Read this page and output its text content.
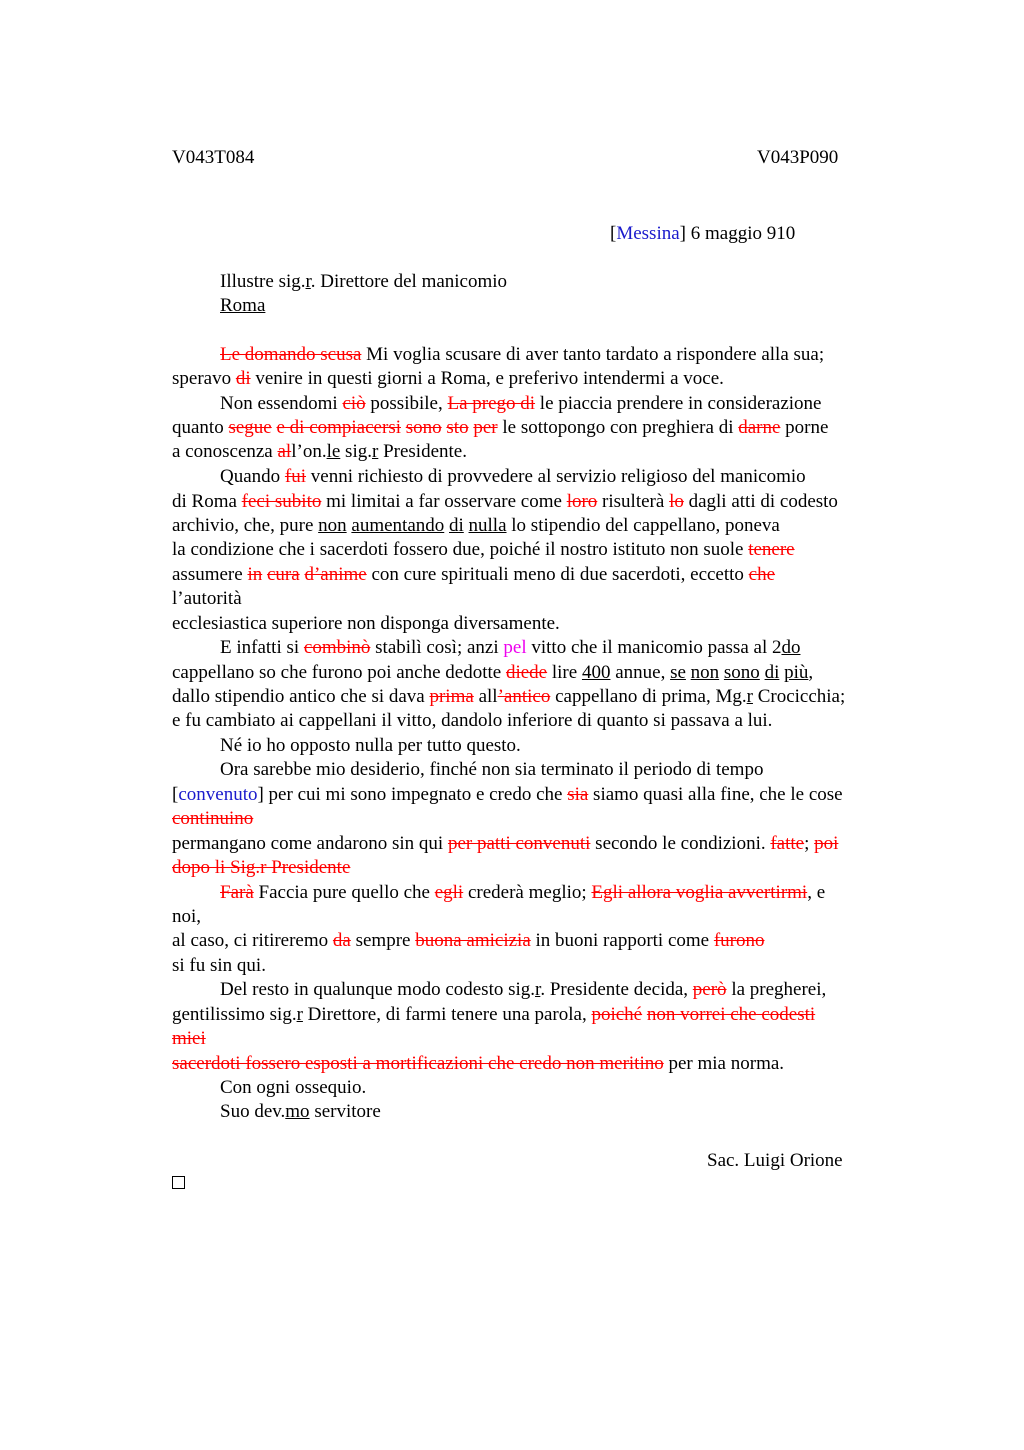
V043T084	V043P090
[Messina] 6 maggio 910
Illustre sig.r. Direttore del manicomio
Roma
Le domando scusa Mi voglia scusare di aver tanto tardato a rispondere alla sua;
speravo di venire in questi giorni a Roma, e preferivo intendermi a voce.
Non essendomi ciò possibile, La prego di le piaccia prendere in considerazione
quanto segue e di compiacersi sono sto per le sottopongo con preghiera di darne porne
a conoscenza all’on.le sig.r Presidente.
Quando fui venni richiesto di provvedere al servizio religioso del manicomio
di Roma feci subito mi limitai a far osservare come loro risulterà lo dagli atti di codesto
archivio, che, pure non aumentando di nulla lo stipendio del cappellano, poneva
la condizione che i sacerdoti fossero due, poiché il nostro istituto non suole tenere
assumere in cura d’anime con cure spirituali meno di due sacerdoti, eccetto che
l’autorità
ecclesiastica superiore non disponga diversamente.
E infatti si combinò stabilì così; anzi pel vitto che il manicomio passa al 2do
cappellano so che furono poi anche dedotte diede lire 400 annue, se non sono di più,
dallo stipendio antico che si dava prima all’antico cappellano di prima, Mg.r Crocicchia;
e fu cambiato ai cappellani il vitto, dandolo inferiore di quanto si passava a lui.
Né io ho opposto nulla per tutto questo.
Ora sarebbe mio desiderio, finché non sia terminato il periodo di tempo
[convenuto] per cui mi sono impegnato e credo che sia siamo quasi alla fine, che le cose
continuino
permangano come andarono sin qui per patti convenuti secondo le condizioni. fatte; poi
dopo li Sig.r Presidente
Farà Faccia pure quello che egli crederà meglio; Egli allora voglia avvertirmi, e
noi,
al caso, ci ritireremo da sempre buona amicizia in buoni rapporti come furono
si fu sin qui.
Del resto in qualunque modo codesto sig.r. Presidente decida, però la pregherei,
gentilissimo sig.r Direttore, di farmi tenere una parola, poiché non vorrei che codesti
miei
sacerdoti fossero esposti a mortificazioni che credo non meritino per mia norma.
Con ogni ossequio.
Suo dev.mo servitore
Sac. Luigi Orione
